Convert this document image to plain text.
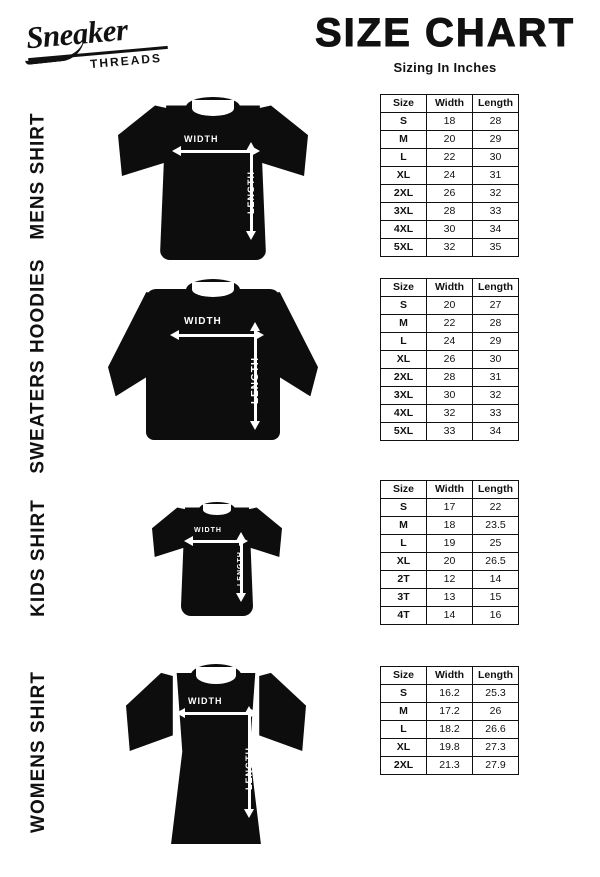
Sneaker
THREADS
SIZE CHART
Sizing In Inches
MENS SHIRT	WIDTH
LENGTH
Size	Width	Length
S	18	28
M	20	29
L	22	30
XL	24	31
2XL	26	32
3XL	28	33
4XL	30	34
5XL	32	35
SWEATERS HOODIES	WIDTH
LENGTH
Size	Width	Length
S	20	27
M	22	28
L	24	29
XL	26	30
2XL	28	31
3XL	30	32
4XL	32	33
5XL	33	34
KIDS SHIRT	WIDTH
LENGTH
Size	Width	Length
S	17	22
M	18	23.5
L	19	25
XL	20	26.5
2T	12	14
3T	13	15
4T	14	16
WOMENS SHIRT	WIDTH
LENGTH
Size	Width	Length
S	16.2	25.3
M	17.2	26
L	18.2	26.6
XL	19.8	27.3
2XL	21.3	27.9
